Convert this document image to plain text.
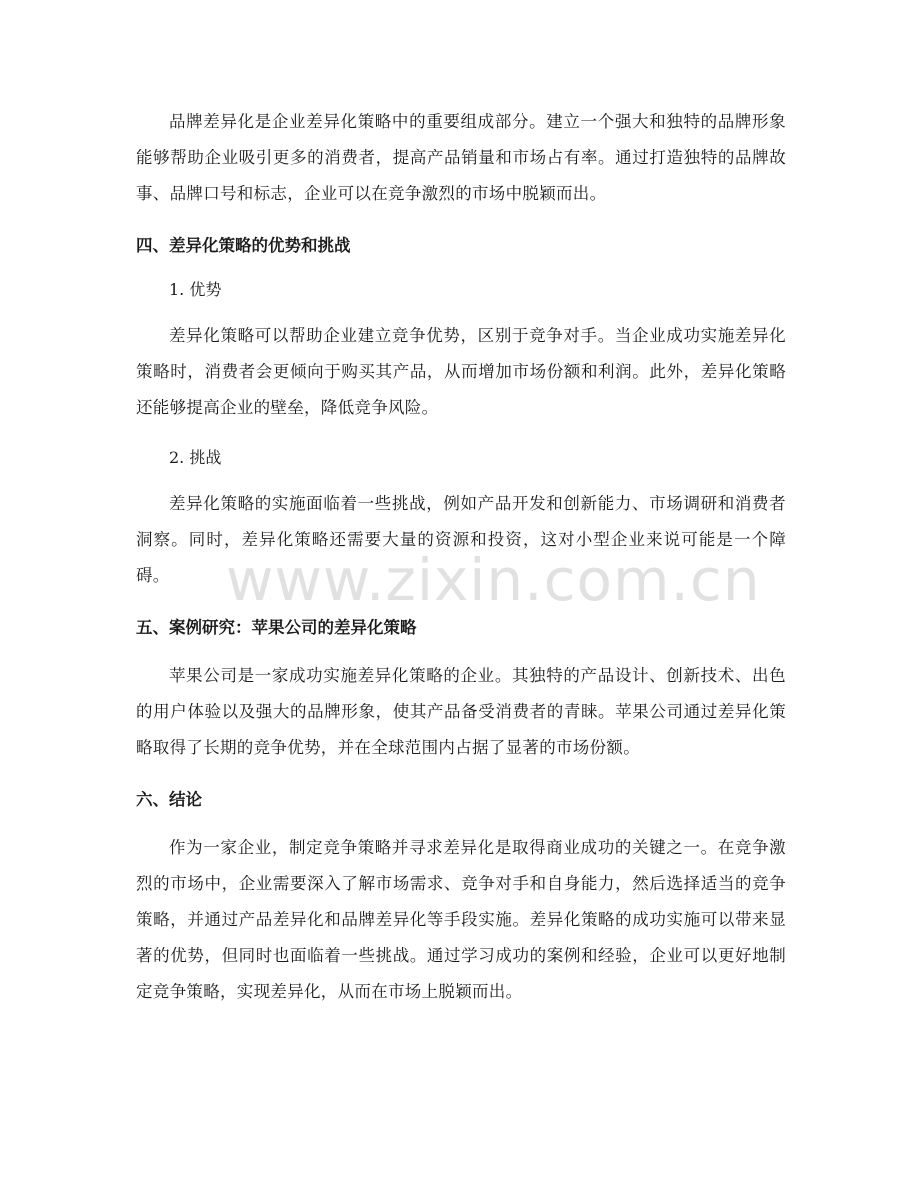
品牌差异化是企业差异化策略中的重要组成部分。建立一个强大和独特的品牌形象能够帮助企业吸引更多的消费者，提高产品销量和市场占有率。通过打造独特的品牌故事、品牌口号和标志，企业可以在竞争激烈的市场中脱颖而出。

四、差异化策略的优势和挑战

1. 优势

差异化策略可以帮助企业建立竞争优势，区别于竞争对手。当企业成功实施差异化策略时，消费者会更倾向于购买其产品，从而增加市场份额和利润。此外，差异化策略还能够提高企业的壁垒，降低竞争风险。

2. 挑战

差异化策略的实施面临着一些挑战，例如产品开发和创新能力、市场调研和消费者洞察。同时，差异化策略还需要大量的资源和投资，这对小型企业来说可能是一个障碍。

五、案例研究：苹果公司的差异化策略

苹果公司是一家成功实施差异化策略的企业。其独特的产品设计、创新技术、出色的用户体验以及强大的品牌形象，使其产品备受消费者的青睐。苹果公司通过差异化策略取得了长期的竞争优势，并在全球范围内占据了显著的市场份额。

六、结论

作为一家企业，制定竞争策略并寻求差异化是取得商业成功的关键之一。在竞争激烈的市场中，企业需要深入了解市场需求、竞争对手和自身能力，然后选择适当的竞争策略，并通过产品差异化和品牌差异化等手段实施。差异化策略的成功实施可以带来显著的优势，但同时也面临着一些挑战。通过学习成功的案例和经验，企业可以更好地制定竞争策略，实现差异化，从而在市场上脱颖而出。

www.zixin.com.cn
